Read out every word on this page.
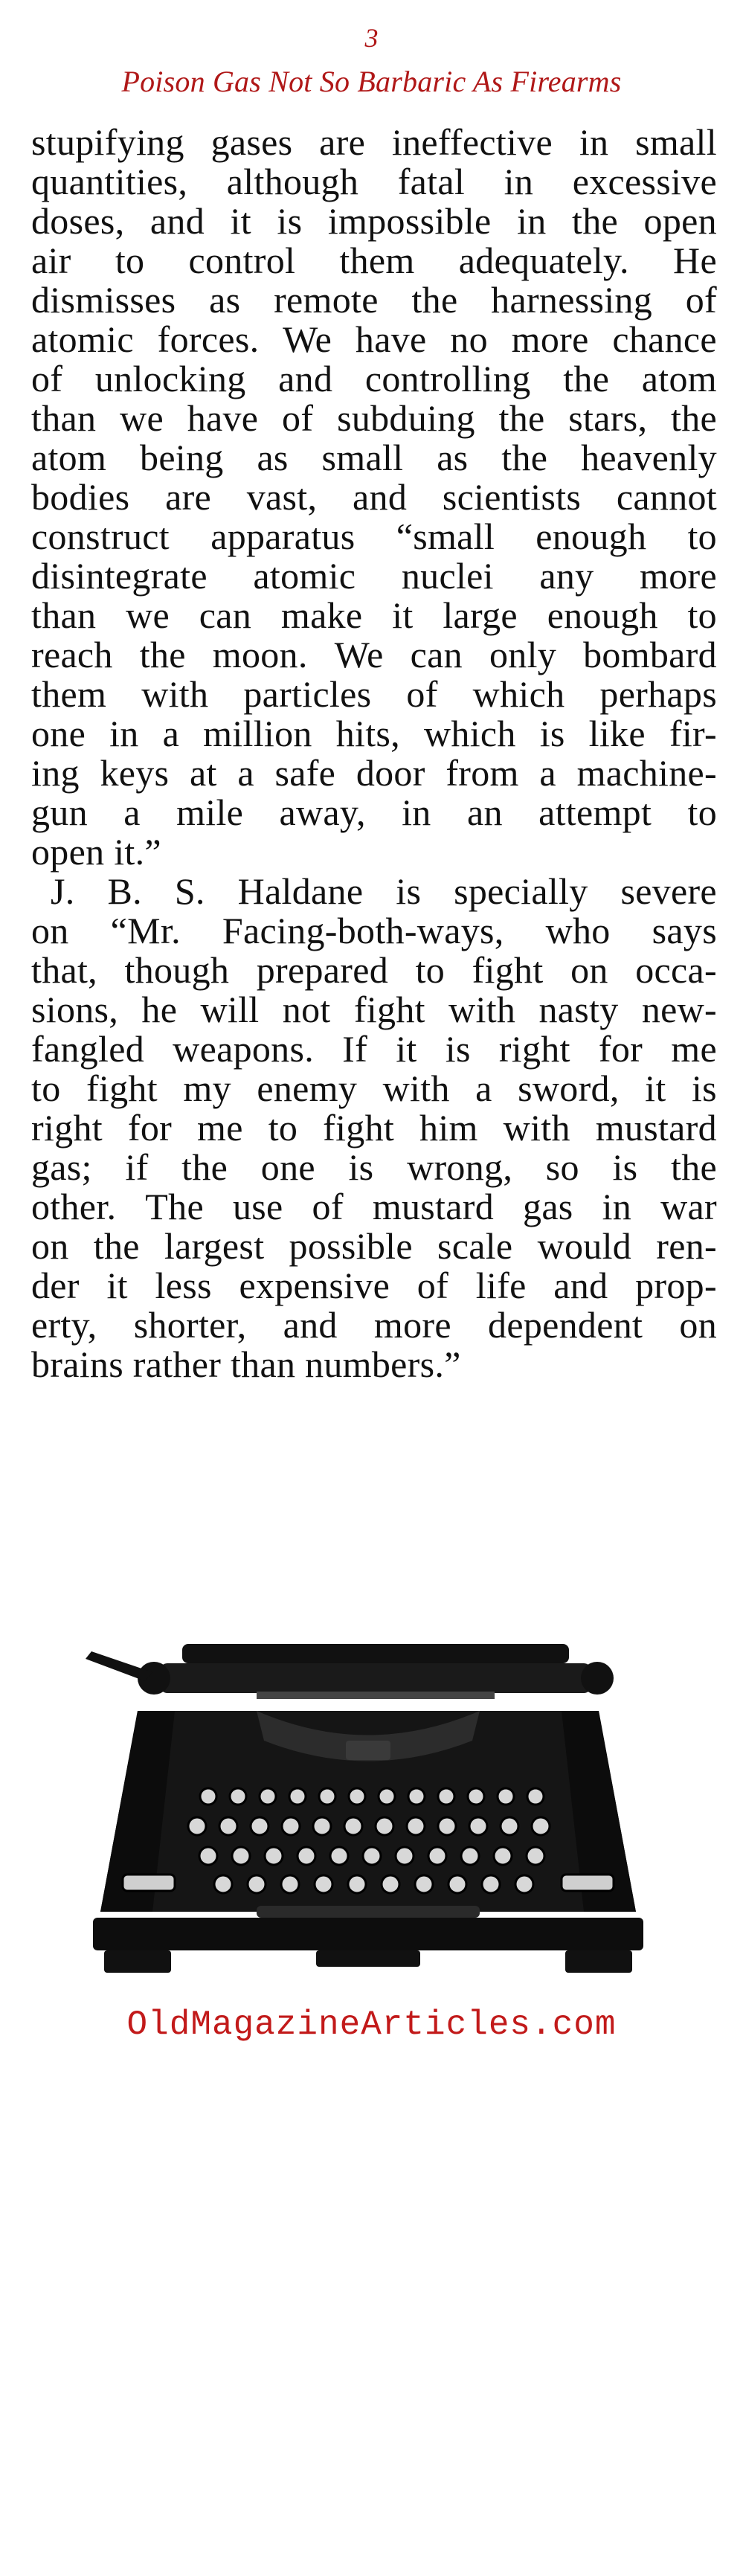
3
Poison Gas Not So Barbaric As Firearms
stupifying gases are ineffective in small
quantities, although fatal in excessive
doses, and it is impossible in the open
air to control them adequately. He
dismisses as remote the harnessing of
atomic forces. We have no more chance
of unlocking and controlling the atom
than we have of subduing the stars, the
atom being as small as the heavenly
bodies are vast, and scientists cannot
construct apparatus “small enough to
disintegrate atomic nuclei any more
than we can make it large enough to
reach the moon. We can only bombard
them with particles of which perhaps
one in a million hits, which is like fir-
ing keys at a safe door from a machine-
gun a mile away, in an attempt to
open it.”
J. B. S. Haldane is specially severe
on “Mr. Facing-both-ways, who says
that, though prepared to fight on occa-
sions, he will not fight with nasty new-
fangled weapons. If it is right for me
to fight my enemy with a sword, it is
right for me to fight him with mustard
gas; if the one is wrong, so is the
other. The use of mustard gas in war
on the largest possible scale would ren-
der it less expensive of life and prop-
erty, shorter, and more dependent on
brains rather than numbers.”
OldMagazineArticles.com
